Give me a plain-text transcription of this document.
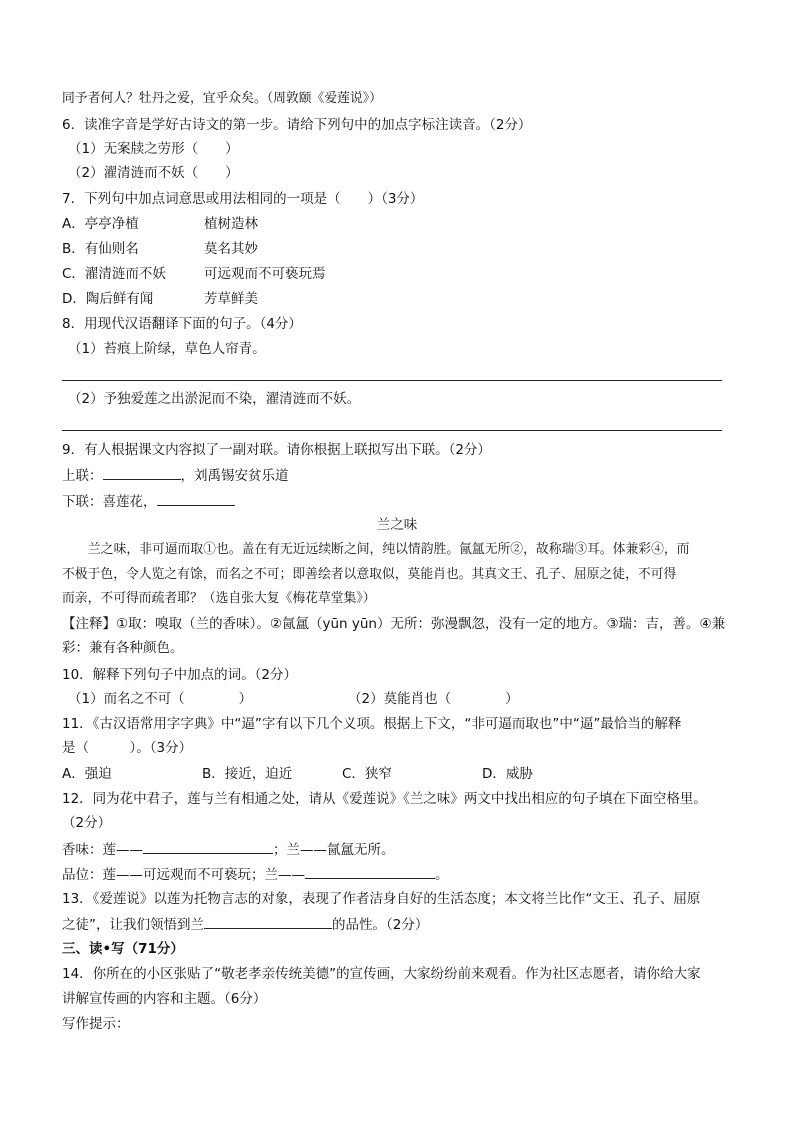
同予者何人？牡丹之爱，宜乎众矣。（周敦颐《爱莲说》）
6．读准字音是学好古诗文的第一步。请给下列句中的加点字标注读音。（2分）
（1）无案牍之劳形（　　）
（2）濯清涟而不妖（　　）
7．下列句中加点词意思或用法相同的一项是（　　）（3分）
A．亭亭净植	植树造林
B．有仙则名	莫名其妙
C．濯清涟而不妖	可远观而不可亵玩焉
D．陶后鲜有闻	芳草鲜美
8．用现代汉语翻译下面的句子。（4分）
（1）苔痕上阶绿，草色人帘青。
（2）予独爱莲之出淤泥而不染，濯清涟而不妖。
9．有人根据课文内容拟了一副对联。请你根据上联拟写出下联。（2分）
上联：	，刘禹锡安贫乐道
下联：喜莲花，
兰之味
兰之味，非可逼而取①也。盖在有无近远续断之间，纯以情韵胜。氤氲无所②，故称瑞③耳。体兼彩④，而
不极于色，令人览之有馀，而名之不可；即善绘者以意取似，莫能肖也。其真文王、孔子、屈原之徒，不可得
而亲，不可得而疏者耶？（选自张大复《梅花草堂集》）
【注释】①取：嗅取（兰的香味）。②氤氲（yūn yūn）无所：弥漫飘忽，没有一定的地方。③瑞：吉，善。④兼
彩：兼有各种颜色。
10．解释下列句子中加点的词。（2分）
（1）而名之不可（　　　　）	（2）莫能肖也（　　　　）
11．《古汉语常用字字典》中“逼”字有以下几个义项。根据上下文，“非可逼而取也”中“逼”最恰当的解释
是（　　　）。（3分）
A．强迫	B．接近，迫近	C．狭窄	D．威胁
12．同为花中君子，莲与兰有相通之处，请从《爱莲说》《兰之味》两文中找出相应的句子填在下面空格里。
（2分）
香味：莲——	；兰——氤氲无所。
品位：莲——可远观而不可亵玩；兰——	。
13．《爱莲说》以莲为托物言志的对象，表现了作者洁身自好的生活态度；本文将兰比作“文王、孔子、屈原
之徒”，让我们领悟到兰	的品性。（2分）
三、读•写（71分）
14．你所在的小区张贴了“敬老孝亲传统美德”的宣传画，大家纷纷前来观看。作为社区志愿者，请你给大家
讲解宣传画的内容和主题。（6分）
写作提示：
